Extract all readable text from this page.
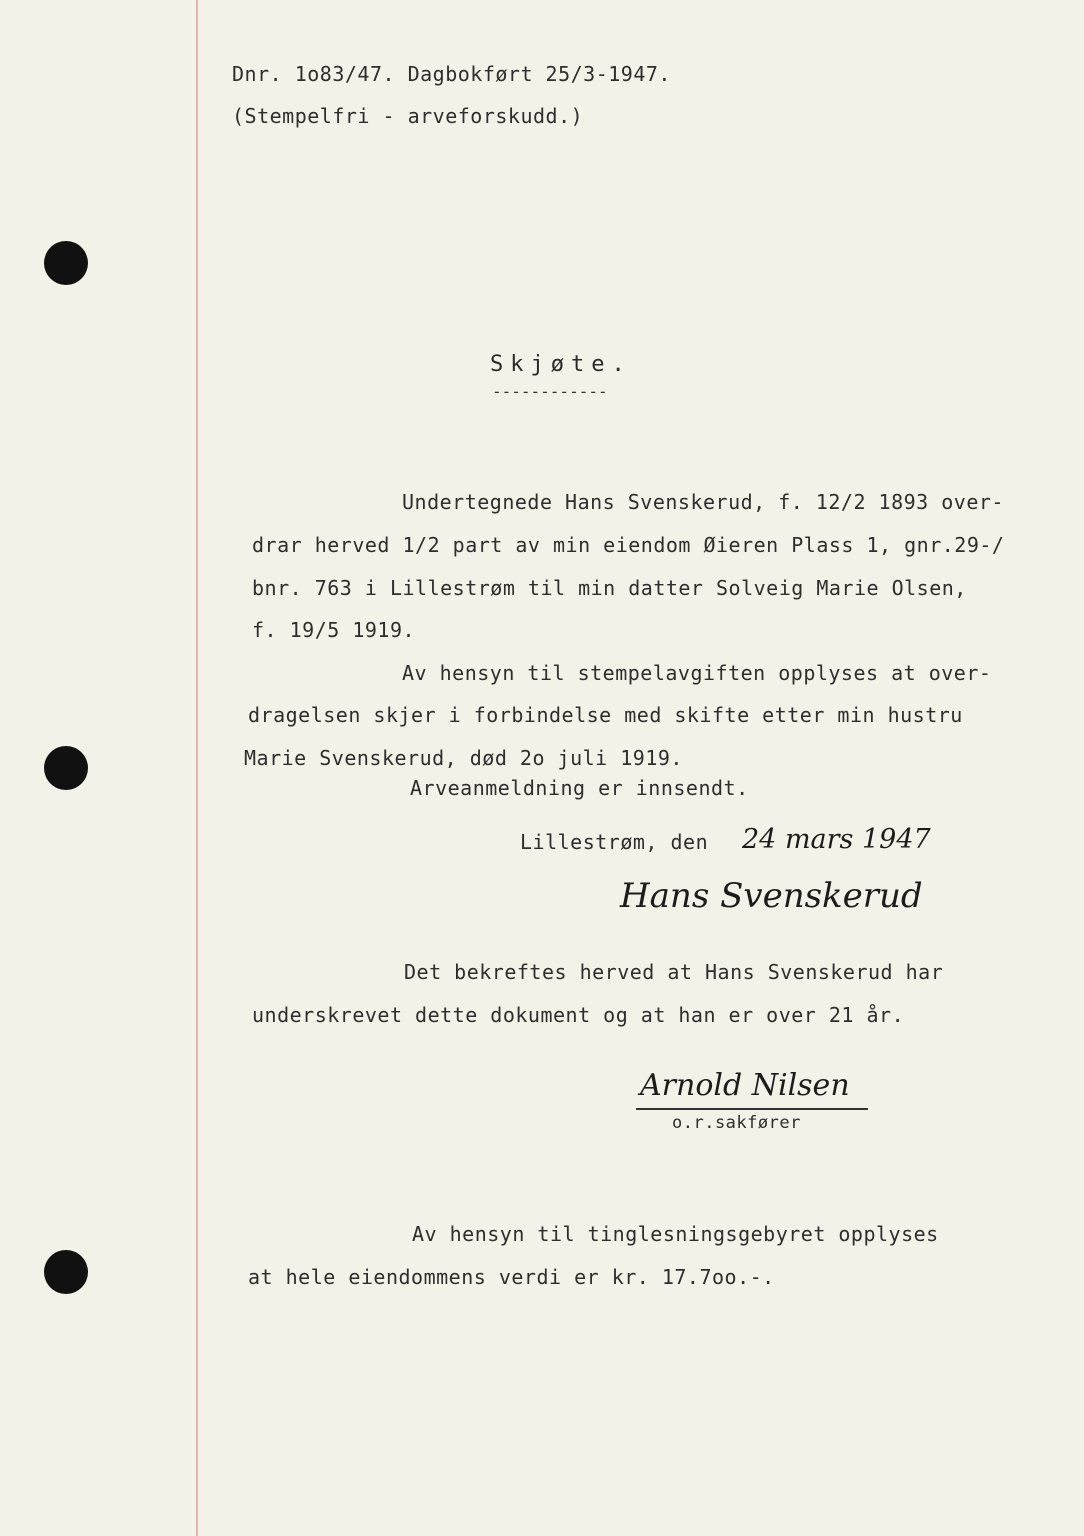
Dnr. 1o83/47. Dagbokført 25/3-1947.
(Stempelfri - arveforskudd.)
Skjøte.
------------
Undertegnede Hans Svenskerud, f. 12/2 1893 over-
drar herved 1/2 part av min eiendom Øieren Plass 1, gnr.29-/
bnr. 763 i Lillestrøm til min datter Solveig Marie Olsen,
f. 19/5 1919.
Av hensyn til stempelavgiften opplyses at over-
dragelsen skjer i forbindelse med skifte etter min hustru
Marie Svenskerud, død 2o juli 1919.
Arveanmeldning er innsendt.
Lillestrøm, den 24 mars 1947
Hans Svenskerud
Det bekreftes herved at Hans Svenskerud har
underskrevet dette dokument og at han er over 21 år.
Arnold Nilsen
o.r.sakfører
Av hensyn til tinglesningsgebyret opplyses
at hele eiendommens verdi er kr. 17.7oo.-.
